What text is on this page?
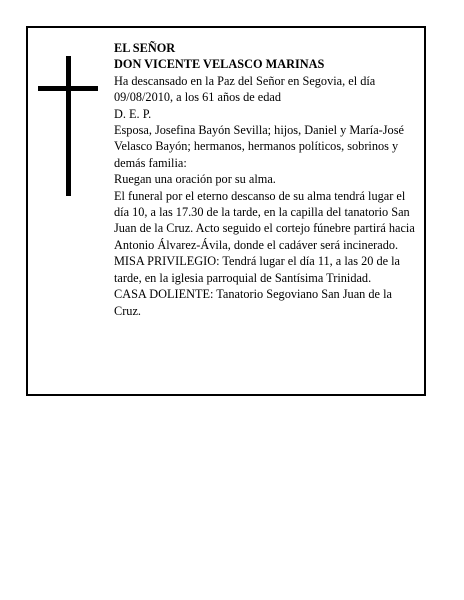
EL SEÑOR

DON VICENTE VELASCO MARINAS

Ha descansado en la Paz del Señor en Segovia, el día 09/08/2010, a los 61 años de edad

D. E. P.

Esposa, Josefina Bayón Sevilla; hijos, Daniel y María-José Velasco Bayón; hermanos, hermanos políticos, sobrinos y demás familia:

Ruegan una oración por su alma.

El funeral por el eterno descanso de su alma tendrá lugar el día 10, a las 17.30 de la tarde, en la capilla del tanatorio San Juan de la Cruz. Acto seguido el cortejo fúnebre partirá hacia Antonio Álvarez-Ávila, donde el cadáver será incinerado. MISA PRIVILEGIO: Tendrá lugar el día 11, a las 20 de la tarde, en la iglesia parroquial de Santísima Trinidad.

CASA DOLIENTE: Tanatorio Segoviano San Juan de la Cruz.
